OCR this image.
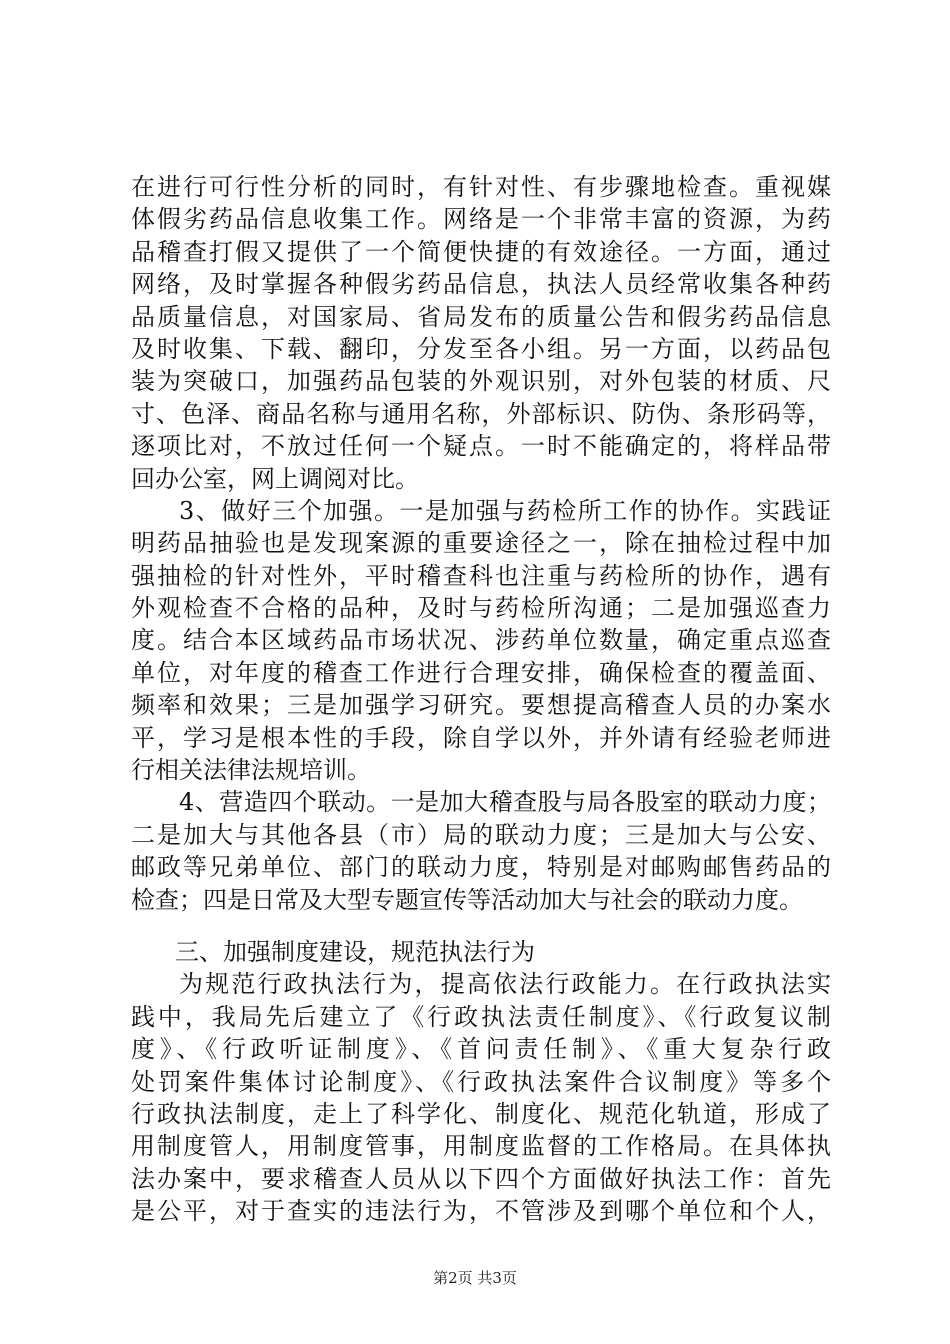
在进行可行性分析的同时，有针对性、有步骤地检查。重视媒
体假劣药品信息收集工作。网络是一个非常丰富的资源，为药
品稽查打假又提供了一个简便快捷的有效途径。一方面，通过
网络，及时掌握各种假劣药品信息，执法人员经常收集各种药
品质量信息，对国家局、省局发布的质量公告和假劣药品信息
及时收集、下载、翻印，分发至各小组。另一方面，以药品包
装为突破口，加强药品包装的外观识别，对外包装的材质、尺
寸、色泽、商品名称与通用名称，外部标识、防伪、条形码等，
逐项比对，不放过任何一个疑点。一时不能确定的，将样品带
回办公室，网上调阅对比。
3、做好三个加强。一是加强与药检所工作的协作。实践证
明药品抽验也是发现案源的重要途径之一，除在抽检过程中加
强抽检的针对性外，平时稽查科也注重与药检所的协作，遇有
外观检查不合格的品种，及时与药检所沟通；二是加强巡查力
度。结合本区域药品市场状况、涉药单位数量，确定重点巡查
单位，对年度的稽查工作进行合理安排，确保检查的覆盖面、
频率和效果；三是加强学习研究。要想提高稽查人员的办案水
平，学习是根本性的手段，除自学以外，并外请有经验老师进
行相关法律法规培训。
4、营造四个联动。一是加大稽查股与局各股室的联动力度；
二是加大与其他各县（市）局的联动力度；三是加大与公安、
邮政等兄弟单位、部门的联动力度，特别是对邮购邮售药品的
检查；四是日常及大型专题宣传等活动加大与社会的联动力度。
三、加强制度建设，规范执法行为
为规范行政执法行为，提高依法行政能力。在行政执法实
践中，我局先后建立了《行政执法责任制度》、《行政复议制
度》、《行政听证制度》、《首问责任制》、《重大复杂行政
处罚案件集体讨论制度》、《行政执法案件合议制度》等多个
行政执法制度，走上了科学化、制度化、规范化轨道，形成了
用制度管人，用制度管事，用制度监督的工作格局。在具体执
法办案中，要求稽查人员从以下四个方面做好执法工作：首先
是公平，对于查实的违法行为，不管涉及到哪个单位和个人，
第2页 共3页
